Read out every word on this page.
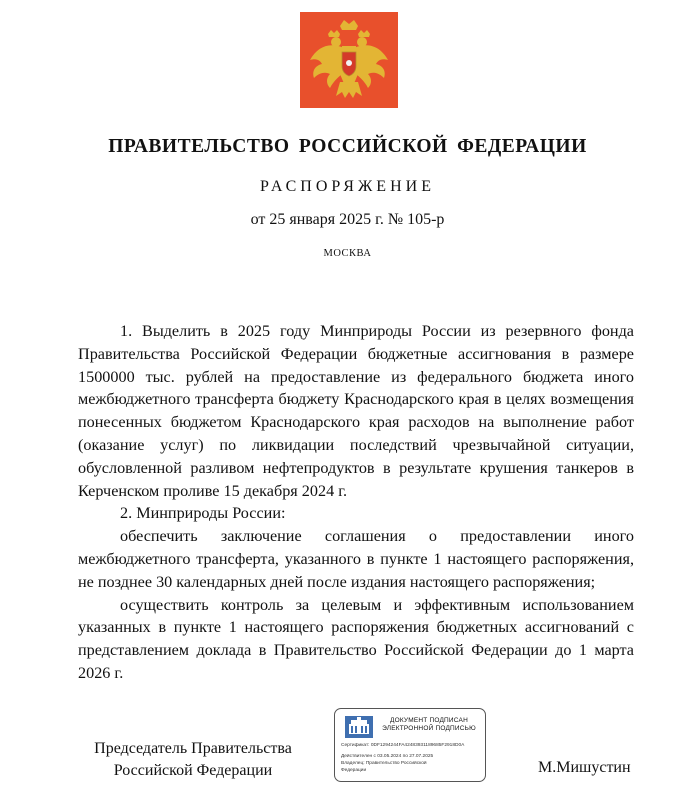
ПРАВИТЕЛЬСТВО РОССИЙСКОЙ ФЕДЕРАЦИИ
РАСПОРЯЖЕНИЕ
от 25 января 2025 г. № 105-р
МОСКВА

1. Выделить в 2025 году Минприроды России из резервного фонда Правительства Российской Федерации бюджетные ассигнования в размере 1500000 тыс. рублей на предоставление из федерального бюджета иного межбюджетного трансферта бюджету Краснодарского края в целях возмещения понесенных бюджетом Краснодарского края расходов на выполнение работ (оказание услуг) по ликвидации последствий чрезвычайной ситуации, обусловленной разливом нефтепродуктов в результате крушения танкеров в Керченском проливе 15 декабря 2024 г.

2. Минприроды России:

обеспечить заключение соглашения о предоставлении иного межбюджетного трансферта, указанного в пункте 1 настоящего распоряжения, не позднее 30 календарных дней после издания настоящего распоряжения;

осуществить контроль за целевым и эффективным использованием указанных в пункте 1 настоящего распоряжения бюджетных ассигнований с представлением доклада в Правительство Российской Федерации до 1 марта 2026 г.

Председатель Правительства
Российской Федерации
ДОКУМЕНТ ПОДПИСАН
ЭЛЕКТРОННОЙ ПОДПИСЬЮ
Сертификат: 0DF1294244FA42483931189685F2918D0A
Действителен с 03.05.2024 по 27.07.2025
Владелец: Правительство Российской
Федерации	М.Мишустин
